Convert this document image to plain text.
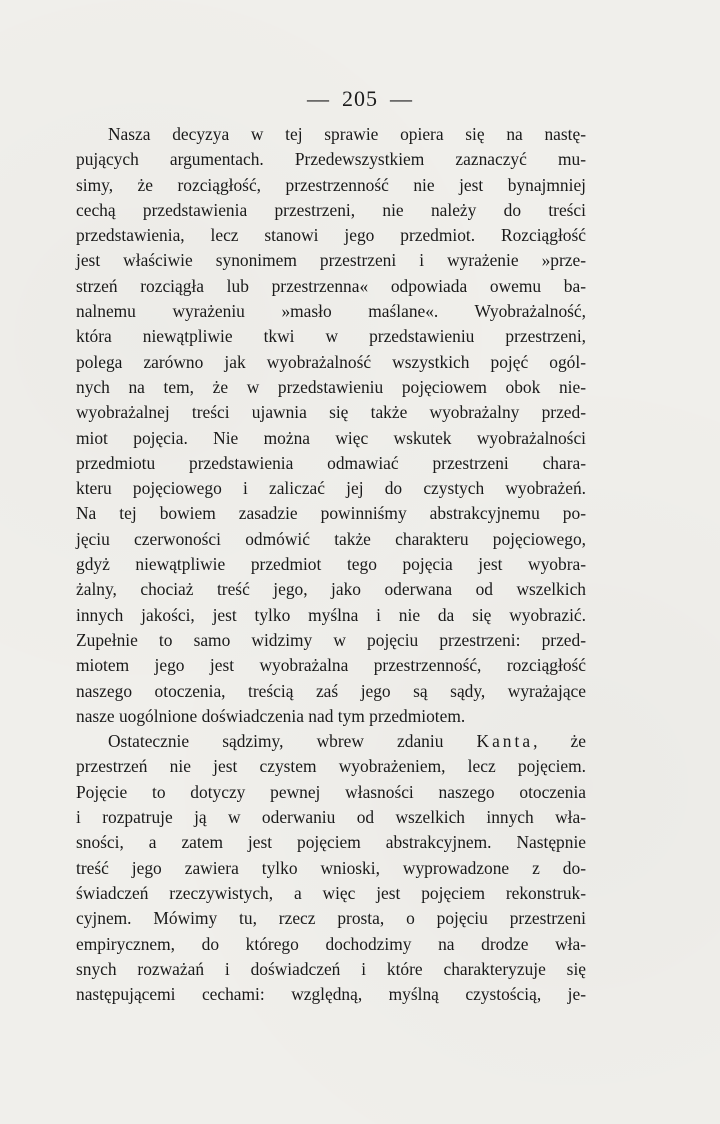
— 205 —
Nasza decyzya w tej sprawie opiera się na nastę-
pujących argumentach. Przedewszystkiem zaznaczyć mu-
simy, że rozciągłość, przestrzenność nie jest bynajmniej
cechą przedstawienia przestrzeni, nie należy do treści
przedstawienia, lecz stanowi jego przedmiot. Rozciągłość
jest właściwie synonimem przestrzeni i wyrażenie »prze-
strzeń rozciągła lub przestrzenna« odpowiada owemu ba-
nalnemu wyrażeniu »masło maślane«. Wyobrażalność,
która niewątpliwie tkwi w przedstawieniu przestrzeni,
polega zarówno jak wyobrażalność wszystkich pojęć ogól-
nych na tem, że w przedstawieniu pojęciowem obok nie-
wyobrażalnej treści ujawnia się także wyobrażalny przed-
miot pojęcia. Nie można więc wskutek wyobrażalności
przedmiotu przedstawienia odmawiać przestrzeni chara-
kteru pojęciowego i zaliczać jej do czystych wyobrażeń.
Na tej bowiem zasadzie powinniśmy abstrakcyjnemu po-
jęciu czerwoności odmówić także charakteru pojęciowego,
gdyż niewątpliwie przedmiot tego pojęcia jest wyobra-
żalny, chociaż treść jego, jako oderwana od wszelkich
innych jakości, jest tylko myślna i nie da się wyobrazić.
Zupełnie to samo widzimy w pojęciu przestrzeni: przed-
miotem jego jest wyobrażalna przestrzenność, rozciągłość
naszego otoczenia, treścią zaś jego są sądy, wyrażające
nasze uogólnione doświadczenia nad tym przedmiotem.
Ostatecznie sądzimy, wbrew zdaniu Kanta, że
przestrzeń nie jest czystem wyobrażeniem, lecz pojęciem.
Pojęcie to dotyczy pewnej własności naszego otoczenia
i rozpatruje ją w oderwaniu od wszelkich innych wła-
sności, a zatem jest pojęciem abstrakcyjnem. Następnie
treść jego zawiera tylko wnioski, wyprowadzone z do-
świadczeń rzeczywistych, a więc jest pojęciem rekonstruk-
cyjnem. Mówimy tu, rzecz prosta, o pojęciu przestrzeni
empirycznem, do którego dochodzimy na drodze wła-
snych rozważań i doświadczeń i które charakteryzuje się
następującemi cechami: względną, myślną czystością, je-
